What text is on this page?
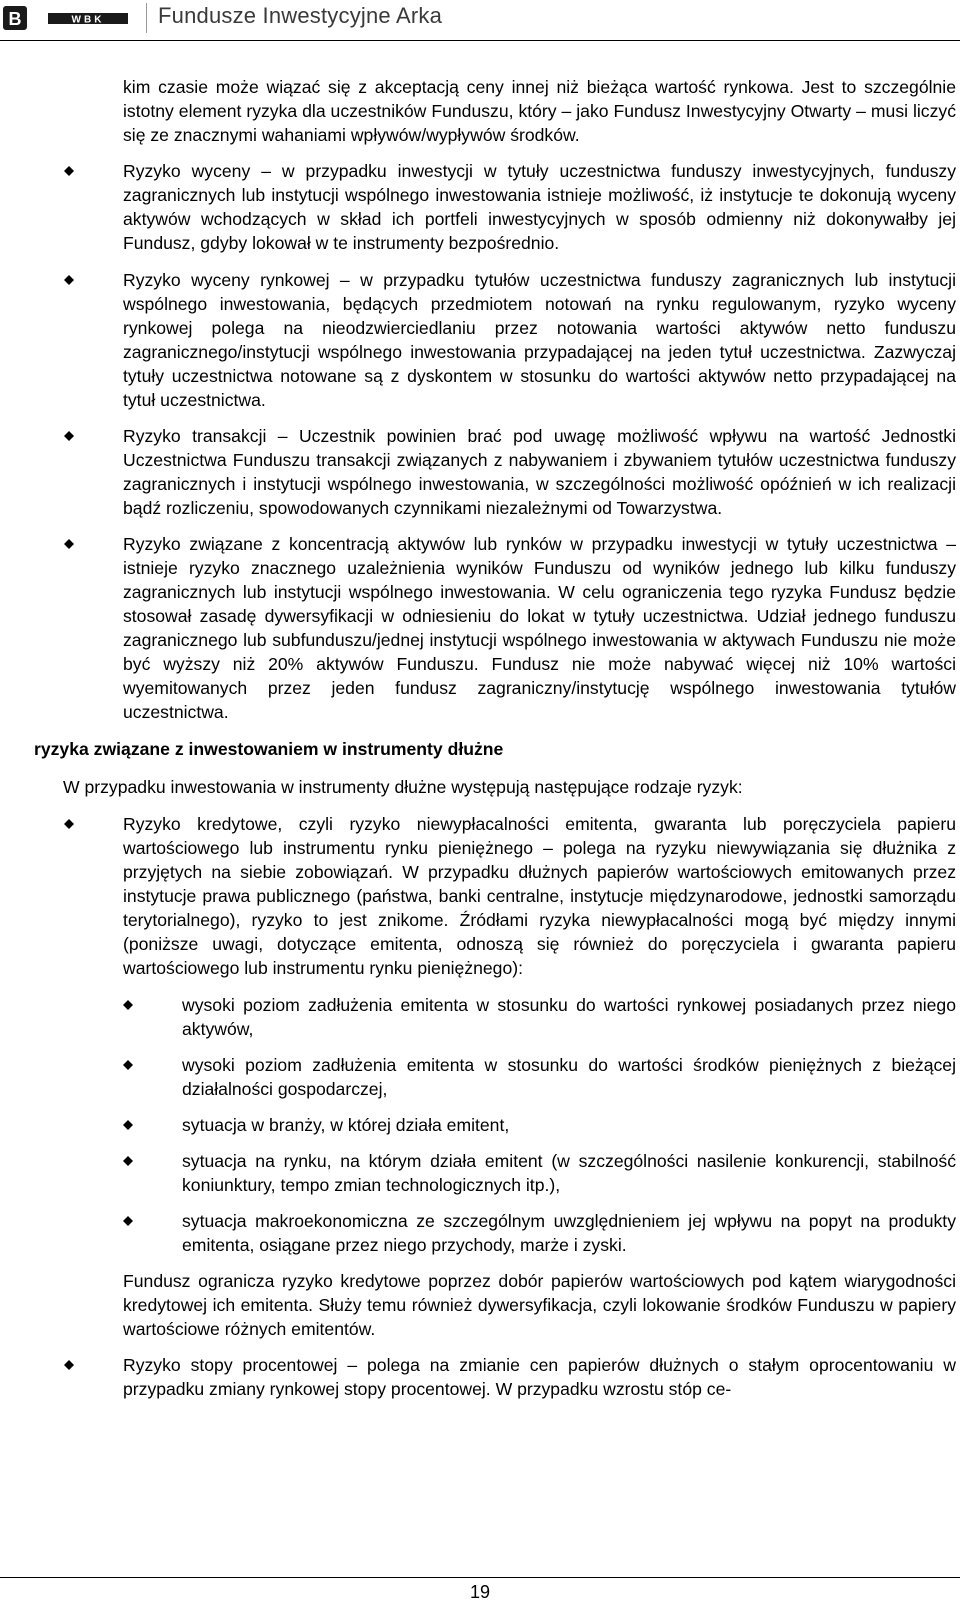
B	WBK Fundusze Inwestycyjne Arka

kim czasie może wiązać się z akceptacją ceny innej niż bieżąca wartość rynkowa. Jest to szczególnie istotny element ryzyka dla uczestników Funduszu, który – jako Fundusz Inwestycyjny Otwarty – musi liczyć się ze znacznymi wahaniami wpływów/wypływów środków.

Ryzyko wyceny – w przypadku inwestycji w tytuły uczestnictwa funduszy inwestycyjnych, funduszy zagranicznych lub instytucji wspólnego inwestowania istnieje możliwość, iż instytucje te dokonują wyceny aktywów wchodzących w skład ich portfeli inwestycyjnych w sposób odmienny niż dokonywałby jej Fundusz, gdyby lokował w te instrumenty bezpośrednio.

Ryzyko wyceny rynkowej – w przypadku tytułów uczestnictwa funduszy zagranicznych lub instytucji wspólnego inwestowania, będących przedmiotem notowań na rynku regulowanym, ryzyko wyceny rynkowej polega na nieodzwierciedlaniu przez notowania wartości aktywów netto funduszu zagranicznego/instytucji wspólnego inwestowania przypadającej na jeden tytuł uczestnictwa. Zazwyczaj tytuły uczestnictwa notowane są z dyskontem w stosunku do wartości aktywów netto przypadającej na tytuł uczestnictwa.

Ryzyko transakcji – Uczestnik powinien brać pod uwagę możliwość wpływu na wartość Jednostki Uczestnictwa Funduszu transakcji związanych z nabywaniem i zbywaniem tytułów uczestnictwa funduszy zagranicznych i instytucji wspólnego inwestowania, w szczególności możliwość opóźnień w ich realizacji bądź rozliczeniu, spowodowanych czynnikami niezależnymi od Towarzystwa.

Ryzyko związane z koncentracją aktywów lub rynków w przypadku inwestycji w tytuły uczestnictwa – istnieje ryzyko znacznego uzależnienia wyników Funduszu od wyników jednego lub kilku funduszy zagranicznych lub instytucji wspólnego inwestowania. W celu ograniczenia tego ryzyka Fundusz będzie stosował zasadę dywersyfikacji w odniesieniu do lokat w tytuły uczestnictwa. Udział jednego funduszu zagranicznego lub subfunduszu/jednej instytucji wspólnego inwestowania w aktywach Funduszu nie może być wyższy niż 20% aktywów Funduszu. Fundusz nie może nabywać więcej niż 10% wartości wyemitowanych przez jeden fundusz zagraniczny/instytucję wspólnego inwestowania tytułów uczestnictwa.

ryzyka związane z inwestowaniem w instrumenty dłużne
W przypadku inwestowania w instrumenty dłużne występują następujące rodzaje ryzyk:

Ryzyko kredytowe, czyli ryzyko niewypłacalności emitenta, gwaranta lub poręczyciela papieru wartościowego lub instrumentu rynku pieniężnego – polega na ryzyku niewywiązania się dłużnika z przyjętych na siebie zobowiązań. W przypadku dłużnych papierów wartościowych emitowanych przez instytucje prawa publicznego (państwa, banki centralne, instytucje międzynarodowe, jednostki samorządu terytorialnego), ryzyko to jest znikome. Źródłami ryzyka niewypłacalności mogą być między innymi (poniższe uwagi, dotyczące emitenta, odnoszą się również do poręczyciela i gwaranta papieru wartościowego lub instrumentu rynku pieniężnego):

wysoki poziom zadłużenia emitenta w stosunku do wartości rynkowej posiadanych przez niego aktywów,

wysoki poziom zadłużenia emitenta w stosunku do wartości środków pieniężnych z bieżącej działalności gospodarczej,

sytuacja w branży, w której działa emitent,

sytuacja na rynku, na którym działa emitent (w szczególności nasilenie konkurencji, stabilność koniunktury, tempo zmian technologicznych itp.),

sytuacja makroekonomiczna ze szczególnym uwzględnieniem jej wpływu na popyt na produkty emitenta, osiągane przez niego przychody, marże i zyski.

Fundusz ogranicza ryzyko kredytowe poprzez dobór papierów wartościowych pod kątem wiarygodności kredytowej ich emitenta. Służy temu również dywersyfikacja, czyli lokowanie środków Funduszu w papiery wartościowe różnych emitentów.

Ryzyko stopy procentowej – polega na zmianie cen papierów dłużnych o stałym oprocentowaniu w przypadku zmiany rynkowej stopy procentowej. W przypadku wzrostu stóp ce-

19
